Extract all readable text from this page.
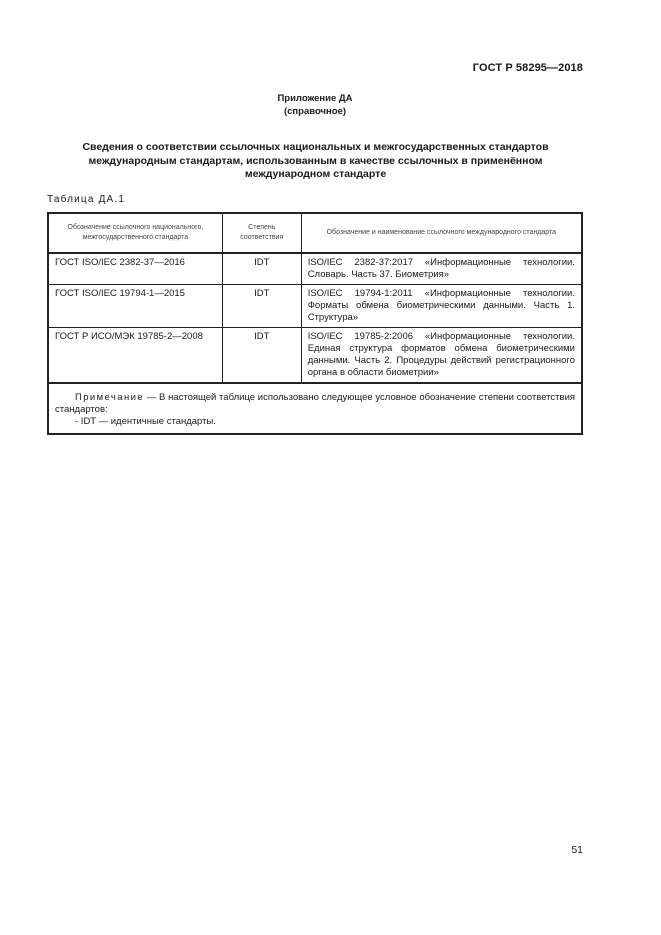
ГОСТ Р 58295—2018
Приложение ДА
(справочное)
Сведения о соответствии ссылочных национальных и межгосударственных стандартов международным стандартам, использованным в качестве ссылочных в применённом международном стандарте
Таблица ДА.1
Обозначение ссылочного национального, межгосударственного стандарта	Степень соответствия	Обозначение и наименование ссылочного международного стандарта
ГОСТ ISO/IEC 2382-37—2016	IDT	ISO/IEC 2382-37:2017 «Информационные технологии. Словарь. Часть 37. Биометрия»
ГОСТ ISO/IEC 19794-1—2015	IDT	ISO/IEC 19794-1:2011 «Информационные технологии. Форматы обмена биометрическими данными. Часть 1. Структура»
ГОСТ Р ИСО/МЭК 19785-2—2008	IDT	ISO/IEC 19785-2:2006 «Информационные технологии. Единая структура форматов обмена биометрическими данными. Часть 2. Процедуры действий регистрационного органа в области биометрии»
Примечание — В настоящей таблице использовано следующее условное обозначение степени соответствия стандартов:
- IDT — идентичные стандарты.		
51
